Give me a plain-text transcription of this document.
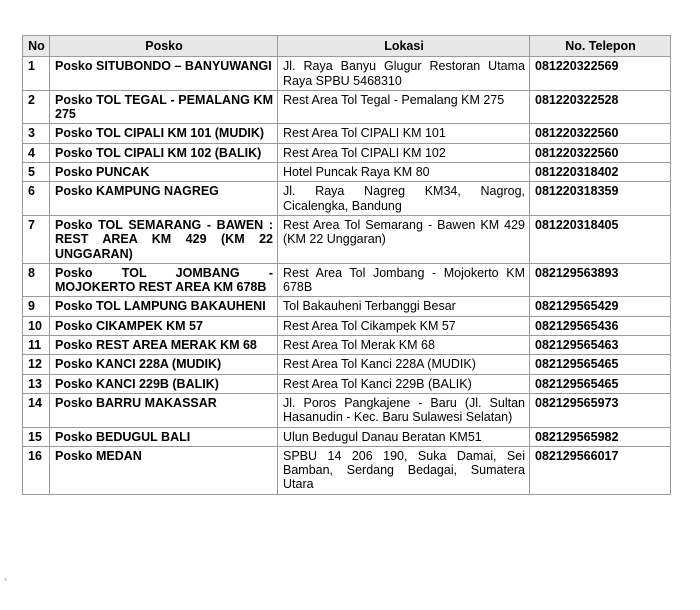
No	Posko	Lokasi	No. Telepon
1	Posko SITUBONDO – BANYUWANGI	Jl. Raya Banyu Glugur Restoran Utama Raya SPBU 5468310	081220322569
2	Posko TOL TEGAL - PEMALANG KM 275	Rest Area Tol Tegal - Pemalang KM 275	081220322528
3	Posko TOL CIPALI KM 101 (MUDIK)	Rest Area Tol CIPALI KM 101	081220322560
4	Posko TOL CIPALI KM 102 (BALIK)	Rest Area Tol CIPALI KM 102	081220322560
5	Posko PUNCAK	Hotel Puncak Raya KM 80	081220318402
6	Posko KAMPUNG NAGREG	Jl. Raya Nagreg KM34, Nagrog, Cicalengka, Bandung	081220318359
7	Posko TOL SEMARANG - BAWEN : REST AREA KM 429 (KM 22 UNGGARAN)	Rest Area Tol Semarang - Bawen KM 429 (KM 22 Unggaran)	081220318405
8	Posko TOL JOMBANG - MOJOKERTO REST AREA KM 678B	Rest Area Tol Jombang - Mojokerto KM 678B	082129563893
9	Posko TOL LAMPUNG BAKAUHENI	Tol Bakauheni Terbanggi Besar	082129565429
10	Posko CIKAMPEK KM 57	Rest Area Tol Cikampek KM 57	082129565436
11	Posko REST AREA MERAK KM 68	Rest Area Tol Merak KM 68	082129565463
12	Posko KANCI 228A (MUDIK)	Rest Area Tol Kanci 228A (MUDIK)	082129565465
13	Posko KANCI 229B (BALIK)	Rest Area Tol Kanci 229B (BALIK)	082129565465
14	Posko BARRU MAKASSAR	Jl. Poros Pangkajene - Baru (Jl. Sultan Hasanudin - Kec. Baru Sulawesi Selatan)	082129565973
15	Posko BEDUGUL BALI	Ulun Bedugul Danau Beratan KM51	082129565982
16	Posko MEDAN	SPBU 14 206 190, Suka Damai, Sei Bamban, Serdang Bedagai, Sumatera Utara	082129566017
